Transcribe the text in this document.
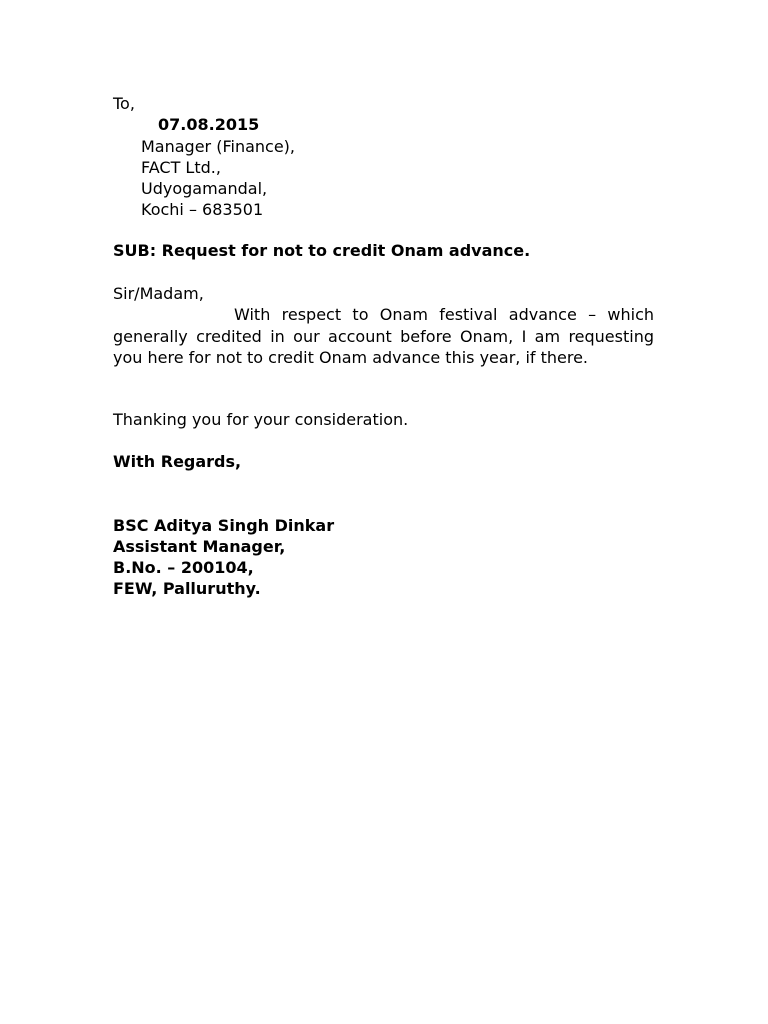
To,
07.08.2015
Manager (Finance),
FACT Ltd.,
Udyogamandal,
Kochi – 683501
SUB: Request for not to credit Onam advance.
Sir/Madam,
With respect to Onam festival advance – which generally credited in our account before Onam, I am requesting you here for not to credit Onam advance this year, if there.
Thanking you for your consideration.
With Regards,
BSC Aditya Singh Dinkar
Assistant Manager,
B.No. – 200104,
FEW, Palluruthy.
